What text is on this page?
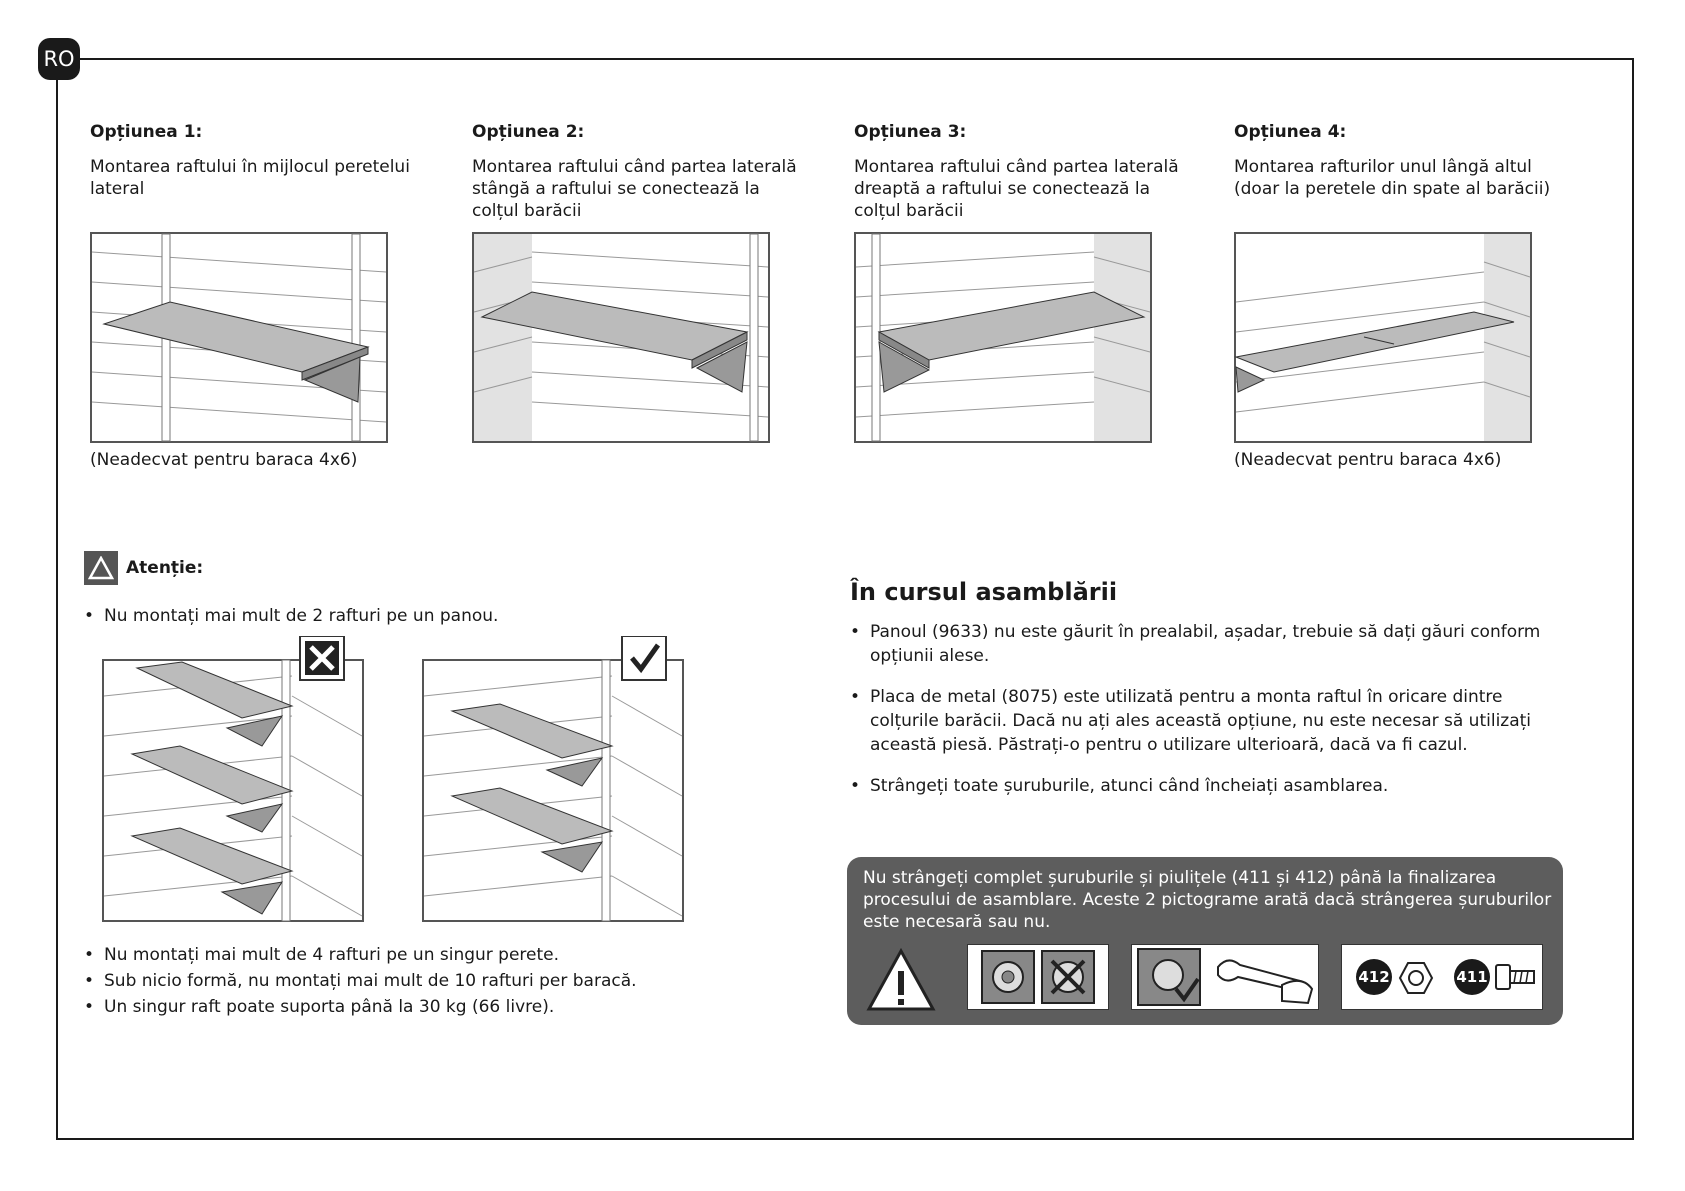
RO
Opțiunea 1:
Montarea raftului în mijlocul peretelui lateral
(Neadecvat pentru baraca 4x6)
Opțiunea 2:
Montarea raftului când partea laterală stângă a raftului se conectează la colțul barăcii
Opțiunea 3:
Montarea raftului când partea laterală dreaptă a raftului se conectează la colțul barăcii
Opțiunea 4:
Montarea rafturilor unul lângă altul (doar la peretele din spate al barăcii)
(Neadecvat pentru baraca 4x6)
Atenție:
• Nu montați mai mult de 2 rafturi pe un panou.
• Nu montați mai mult de 4 rafturi pe un singur perete.
• Sub nicio formă, nu montați mai mult de 10 rafturi per baracă.
• Un singur raft poate suporta până la 30 kg (66 livre).
În cursul asamblării
• Panoul (9633) nu este găurit în prealabil, așadar, trebuie să dați găuri conform opțiunii alese.
• Placa de metal (8075) este utilizată pentru a monta raftul în oricare dintre colțurile barăcii. Dacă nu ați ales această opțiune, nu este necesar să utilizați această piesă. Păstrați-o pentru o utilizare ulterioară, dacă va fi cazul.
• Strângeți toate șuruburile, atunci când încheiați asamblarea.
Nu strângeți complet șuruburile și piulițele (411 și 412) până la finalizarea procesului de asamblare. Aceste 2 pictograme arată dacă strângerea șuruburilor este necesară sau nu.
412	411
